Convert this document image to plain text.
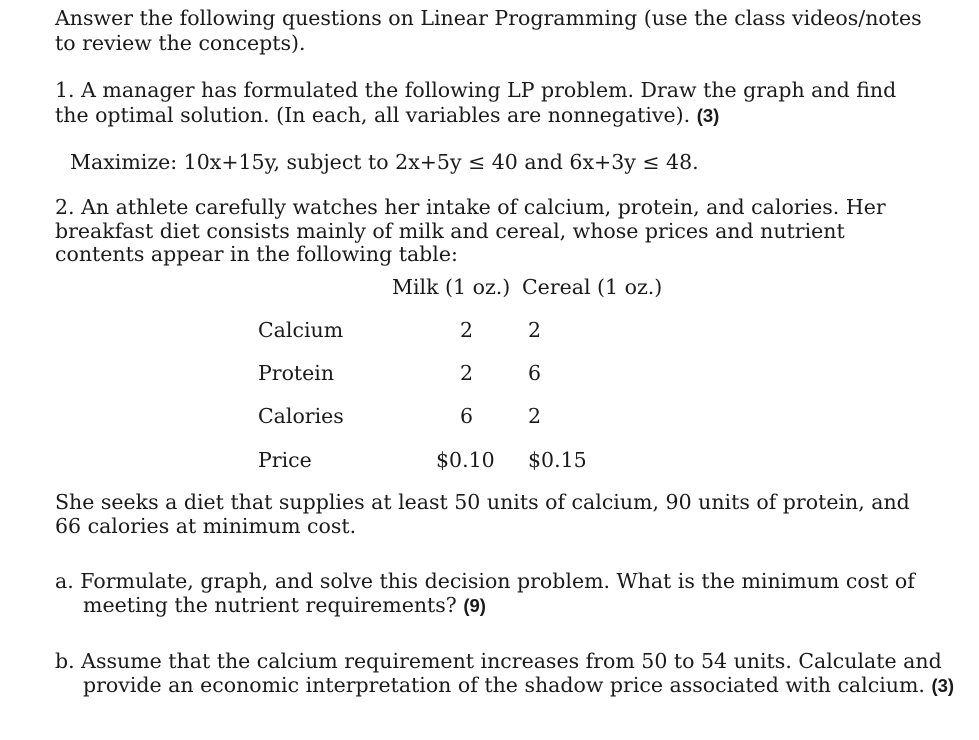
Answer the following questions on Linear Programming (use the class videos/notes to review the concepts).

1. A manager has formulated the following LP problem. Draw the graph and find the optimal solution. (In each, all variables are nonnegative). (3)

Maximize: 10x+15y, subject to 2x+5y ≤ 40 and 6x+3y ≤ 48.

2. An athlete carefully watches her intake of calcium, protein, and calories. Her breakfast diet consists mainly of milk and cereal, whose prices and nutrient contents appear in the following table:

Milk (1 oz.) Cereal (1 oz.)
Calcium	2	2
Protein	2	6
Calories	6	2
Price	$0.10 $0.15

She seeks a diet that supplies at least 50 units of calcium, 90 units of protein, and 66 calories at minimum cost.

a. Formulate, graph, and solve this decision problem. What is the minimum cost of meeting the nutrient requirements? (9)

b. Assume that the calcium requirement increases from 50 to 54 units. Calculate and provide an economic interpretation of the shadow price associated with calcium. (3)
